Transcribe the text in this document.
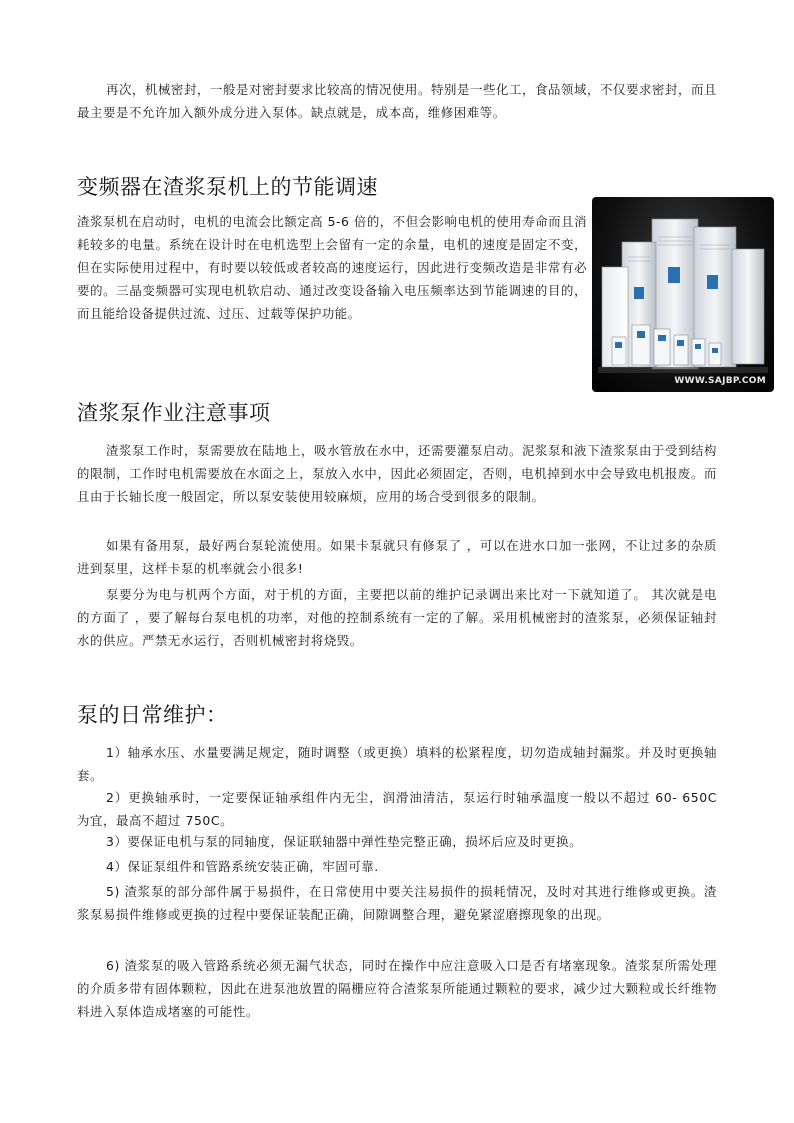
再次，机械密封，一般是对密封要求比较高的情况使用。特别是一些化工，食品领域，不仅要求密封，而且最主要是不允许加入额外成分进入泵体。缺点就是，成本高，维修困难等。

变频器在渣浆泵机上的节能调速

渣浆泵机在启动时，电机的电流会比额定高 5-6 倍的，不但会影响电机的使用寿命而且消耗较多的电量。系统在设计时在电机选型上会留有一定的余量，电机的速度是固定不变，但在实际使用过程中，有时要以较低或者较高的速度运行，因此进行变频改造是非常有必要的。三晶变频器可实现电机软启动、通过改变设备输入电压频率达到节能调速的目的，而且能给设备提供过流、过压、过载等保护功能。

WWW.SAJBP.COM
渣浆泵作业注意事项

渣浆泵工作时，泵需要放在陆地上，吸水管放在水中，还需要灌泵启动。泥浆泵和液下渣浆泵由于受到结构的限制，工作时电机需要放在水面之上，泵放入水中，因此必须固定，否则，电机掉到水中会导致电机报废。而且由于长轴长度一般固定，所以泵安装使用较麻烦，应用的场合受到很多的限制。

如果有备用泵，最好两台泵轮流使用。如果卡泵就只有修泵了 ，可以在进水口加一张网，不让过多的杂质进到泵里，这样卡泵的机率就会小很多!

泵要分为电与机两个方面，对于机的方面，主要把以前的维护记录调出来比对一下就知道了。 其次就是电的方面了 ，要了解每台泵电机的功率，对他的控制系统有一定的了解。采用机械密封的渣浆泵，必须保证轴封水的供应。严禁无水运行，否则机械密封将烧毁。

泵的日常维护：

1）轴承水压、水量要满足规定，随时调整（或更换）填料的松紧程度，切勿造成轴封漏浆。并及时更换轴套。

2）更换轴承时，一定要保证轴承组件内无尘，润滑油清洁，泵运行时轴承温度一般以不超过 60- 650C 为宜，最高不超过 750C。

3）要保证电机与泵的同轴度，保证联轴器中弹性垫完整正确，损坏后应及时更换。

4）保证泵组件和管路系统安装正确，牢固可靠.

5) 渣浆泵的部分部件属于易损件，在日常使用中要关注易损件的损耗情况，及时对其进行维修或更换。渣浆泵易损件维修或更换的过程中要保证装配正确，间隙调整合理，避免紧涩磨擦现象的出现。

6) 渣浆泵的吸入管路系统必须无漏气状态，同时在操作中应注意吸入口是否有堵塞现象。渣浆泵所需处理的介质多带有固体颗粒，因此在进泵池放置的隔栅应符合渣浆泵所能通过颗粒的要求，减少过大颗粒或长纤维物料进入泵体造成堵塞的可能性。
